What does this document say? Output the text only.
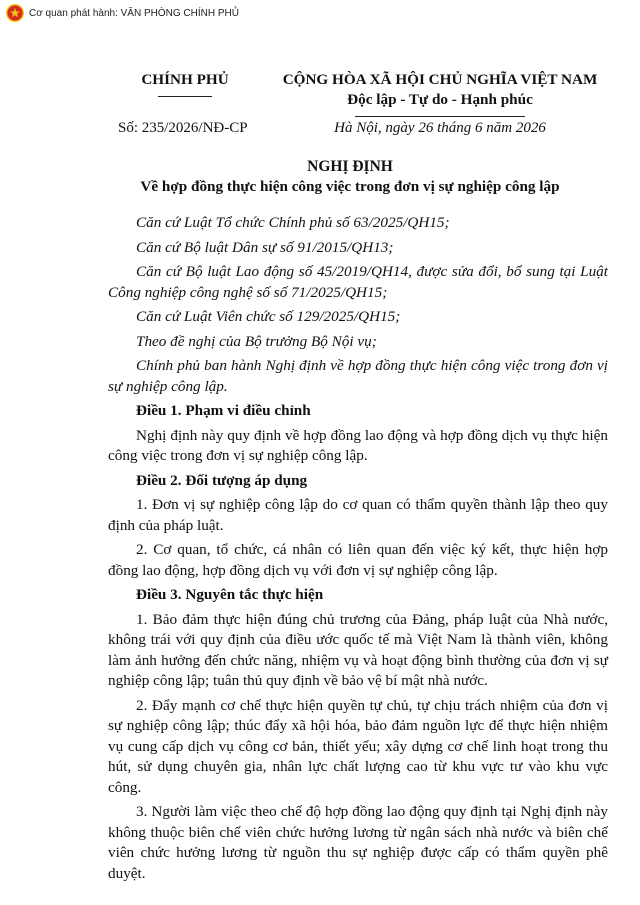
Cơ quan phát hành: VĂN PHÒNG CHÍNH PHỦ
CHÍNH PHỦ	CỘNG HÒA XÃ HỘI CHỦ NGHĨA VIỆT NAM
Độc lập - Tự do - Hạnh phúc
Số: 235/2026/NĐ-CP	Hà Nội, ngày 26 tháng 6 năm 2026
NGHỊ ĐỊNH
Về hợp đồng thực hiện công việc trong đơn vị sự nghiệp công lập

Căn cứ Luật Tổ chức Chính phủ số 63/2025/QH15;

Căn cứ Bộ luật Dân sự số 91/2015/QH13;

Căn cứ Bộ luật Lao động số 45/2019/QH14, được sửa đổi, bổ sung tại Luật Công nghiệp công nghệ số số 71/2025/QH15;

Căn cứ Luật Viên chức số 129/2025/QH15;

Theo đề nghị của Bộ trưởng Bộ Nội vụ;

Chính phủ ban hành Nghị định về hợp đồng thực hiện công việc trong đơn vị sự nghiệp công lập.

Điều 1. Phạm vi điều chỉnh

Nghị định này quy định về hợp đồng lao động và hợp đồng dịch vụ thực hiện công việc trong đơn vị sự nghiệp công lập.

Điều 2. Đối tượng áp dụng

1. Đơn vị sự nghiệp công lập do cơ quan có thẩm quyền thành lập theo quy định của pháp luật.

2. Cơ quan, tổ chức, cá nhân có liên quan đến việc ký kết, thực hiện hợp đồng lao động, hợp đồng dịch vụ với đơn vị sự nghiệp công lập.

Điều 3. Nguyên tắc thực hiện

1. Bảo đảm thực hiện đúng chủ trương của Đảng, pháp luật của Nhà nước, không trái với quy định của điều ước quốc tế mà Việt Nam là thành viên, không làm ảnh hưởng đến chức năng, nhiệm vụ và hoạt động bình thường của đơn vị sự nghiệp công lập; tuân thủ quy định về bảo vệ bí mật nhà nước.

2. Đẩy mạnh cơ chế thực hiện quyền tự chủ, tự chịu trách nhiệm của đơn vị sự nghiệp công lập; thúc đẩy xã hội hóa, bảo đảm nguồn lực để thực hiện nhiệm vụ cung cấp dịch vụ công cơ bản, thiết yếu; xây dựng cơ chế linh hoạt trong thu hút, sử dụng chuyên gia, nhân lực chất lượng cao từ khu vực tư vào khu vực công.

3. Người làm việc theo chế độ hợp đồng lao động quy định tại Nghị định này không thuộc biên chế viên chức hưởng lương từ ngân sách nhà nước và biên chế viên chức hưởng lương từ nguồn thu sự nghiệp được cấp có thẩm quyền phê duyệt.
